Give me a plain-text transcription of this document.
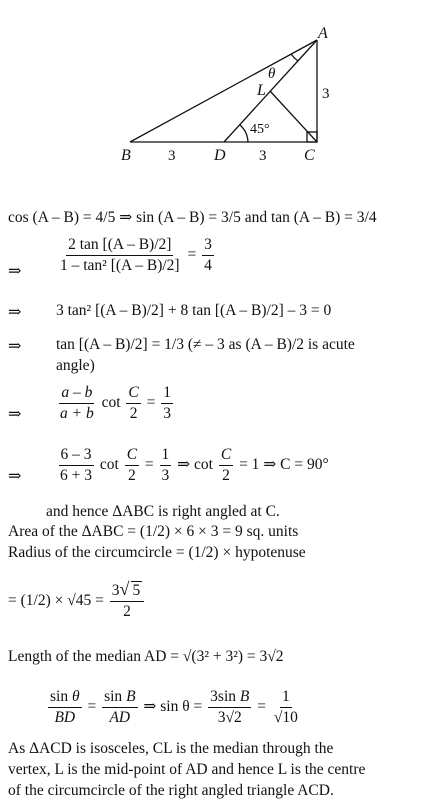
A
B	C
D
L
θ
45°
3
3	3
cos (A – B) = 4/5 ⇒ sin (A – B) = 3/5 and tan (A – B) = 3/4
⇒ $\frac{2 \tan [(A - B)/2]}{\text{1 – tan² [(A – B)/2]}} = \frac{3}{4}$
⇒ 3 tan² [(A – B)/2] + 8 tan [(A – B)/2] – 3 = 0
⇒ tan [(A – B)/2] = 1/3 (≠ – 3 as (A – B)/2 is acute
angle)
⇒ $\frac{a - b}{a + b}$ $\cot \frac{C}{2} = \frac{1}{3}$
⇒ $\frac{6 - 3}{6 + 3}$ $\cot \frac{C}{2} = \frac{1}{3}$ ⇒ $\cot \frac{C}{2} = 1$ ⇒ C = 90°
and hence ΔABC is right angled at C.
Area of the ΔABC = (1/2) × 6 × 3 = 9 sq. units
Radius of the circumcircle = (1/2) × hypotenuse
= $(1/2) \times √45 = \frac{3√ 5}{2}$
Length of the median AD = √(3² + 3²) = 3√2
$\frac{\text{sin θ}}{BD} = \frac{\text{sin B}}{AD}$ ⇒ $\sin \theta = \frac{\text{3sin B}}{3√2} = \frac{1}{√10}$
As ΔACD is isosceles, CL is the median through the
vertex, L is the mid-point of AD and hence L is the centre
of the circumcircle of the right angled triangle ACD.
